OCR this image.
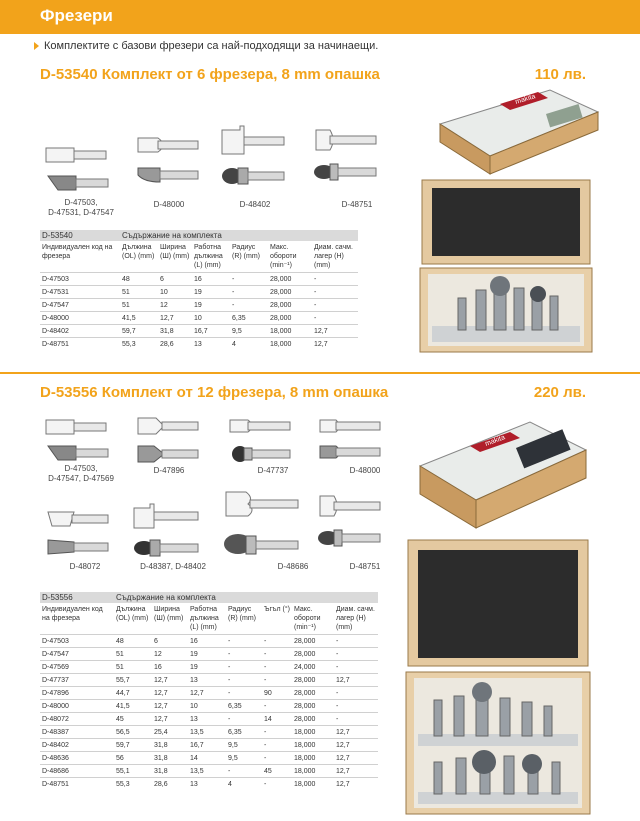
Фрезери
Комплектите с базови фрезери са най-подходящи за начинаещи.
D-53540 Комплект от 6 фрезера, 8 mm опашка	110 лв.
D-47503,
D-47531, D-47547
D-48000	D-48402	D-48751
D-53540	Съдържание на комплекта					
Индивидуален код на фрезера	Дължина (OL) (mm)	Ширина (Ш) (mm)	Работна дължина (L) (mm)	Радиус (R) (mm)	Макс. обороти (min⁻¹)	Диам. сачм. лагер (H) (mm)
D-47503	48	6	16	-	28,000	-
D-47531	51	10	19	-	28,000	-
D-47547	51	12	19	-	28,000	-
D-48000	41,5	12,7	10	6,35	28,000	-
D-48402	59,7	31,8	16,7	9,5	18,000	12,7
D-48751	55,3	28,6	13	4	18,000	12,7
makita
D-53556 Комплект от 12 фрезера, 8 mm опашка	220 лв.
D-47503,
D-47547, D-47569
D-47896	D-47737	D-48000
D-48072	D-48387, D-48402	D-48686	D-48751
D-53556	Съдържание на комплекта						
Индивидуален код на фрезера	Дължина (OL) (mm)	Ширина (Ш) (mm)	Работна дължина (L) (mm)	Радиус (R) (mm)	Ъгъл (°)	Макс. обороти (min⁻¹)	Диам. сачм. лагер (H) (mm)
D-47503	48	6	16	-	-	28,000	-
D-47547	51	12	19	-	-	28,000	-
D-47569	51	16	19	-	-	24,000	-
D-47737	55,7	12,7	13	-	-	28,000	12,7
D-47896	44,7	12,7	12,7	-	90	28,000	-
D-48000	41,5	12,7	10	6,35	-	28,000	-
D-48072	45	12,7	13	-	14	28,000	-
D-48387	56,5	25,4	13,5	6,35	-	18,000	12,7
D-48402	59,7	31,8	16,7	9,5	-	18,000	12,7
D-48636	56	31,8	14	9,5	-	18,000	12,7
D-48686	55,1	31,8	13,5	-	45	18,000	12,7
D-48751	55,3	28,6	13	4	-	18,000	12,7
makita
